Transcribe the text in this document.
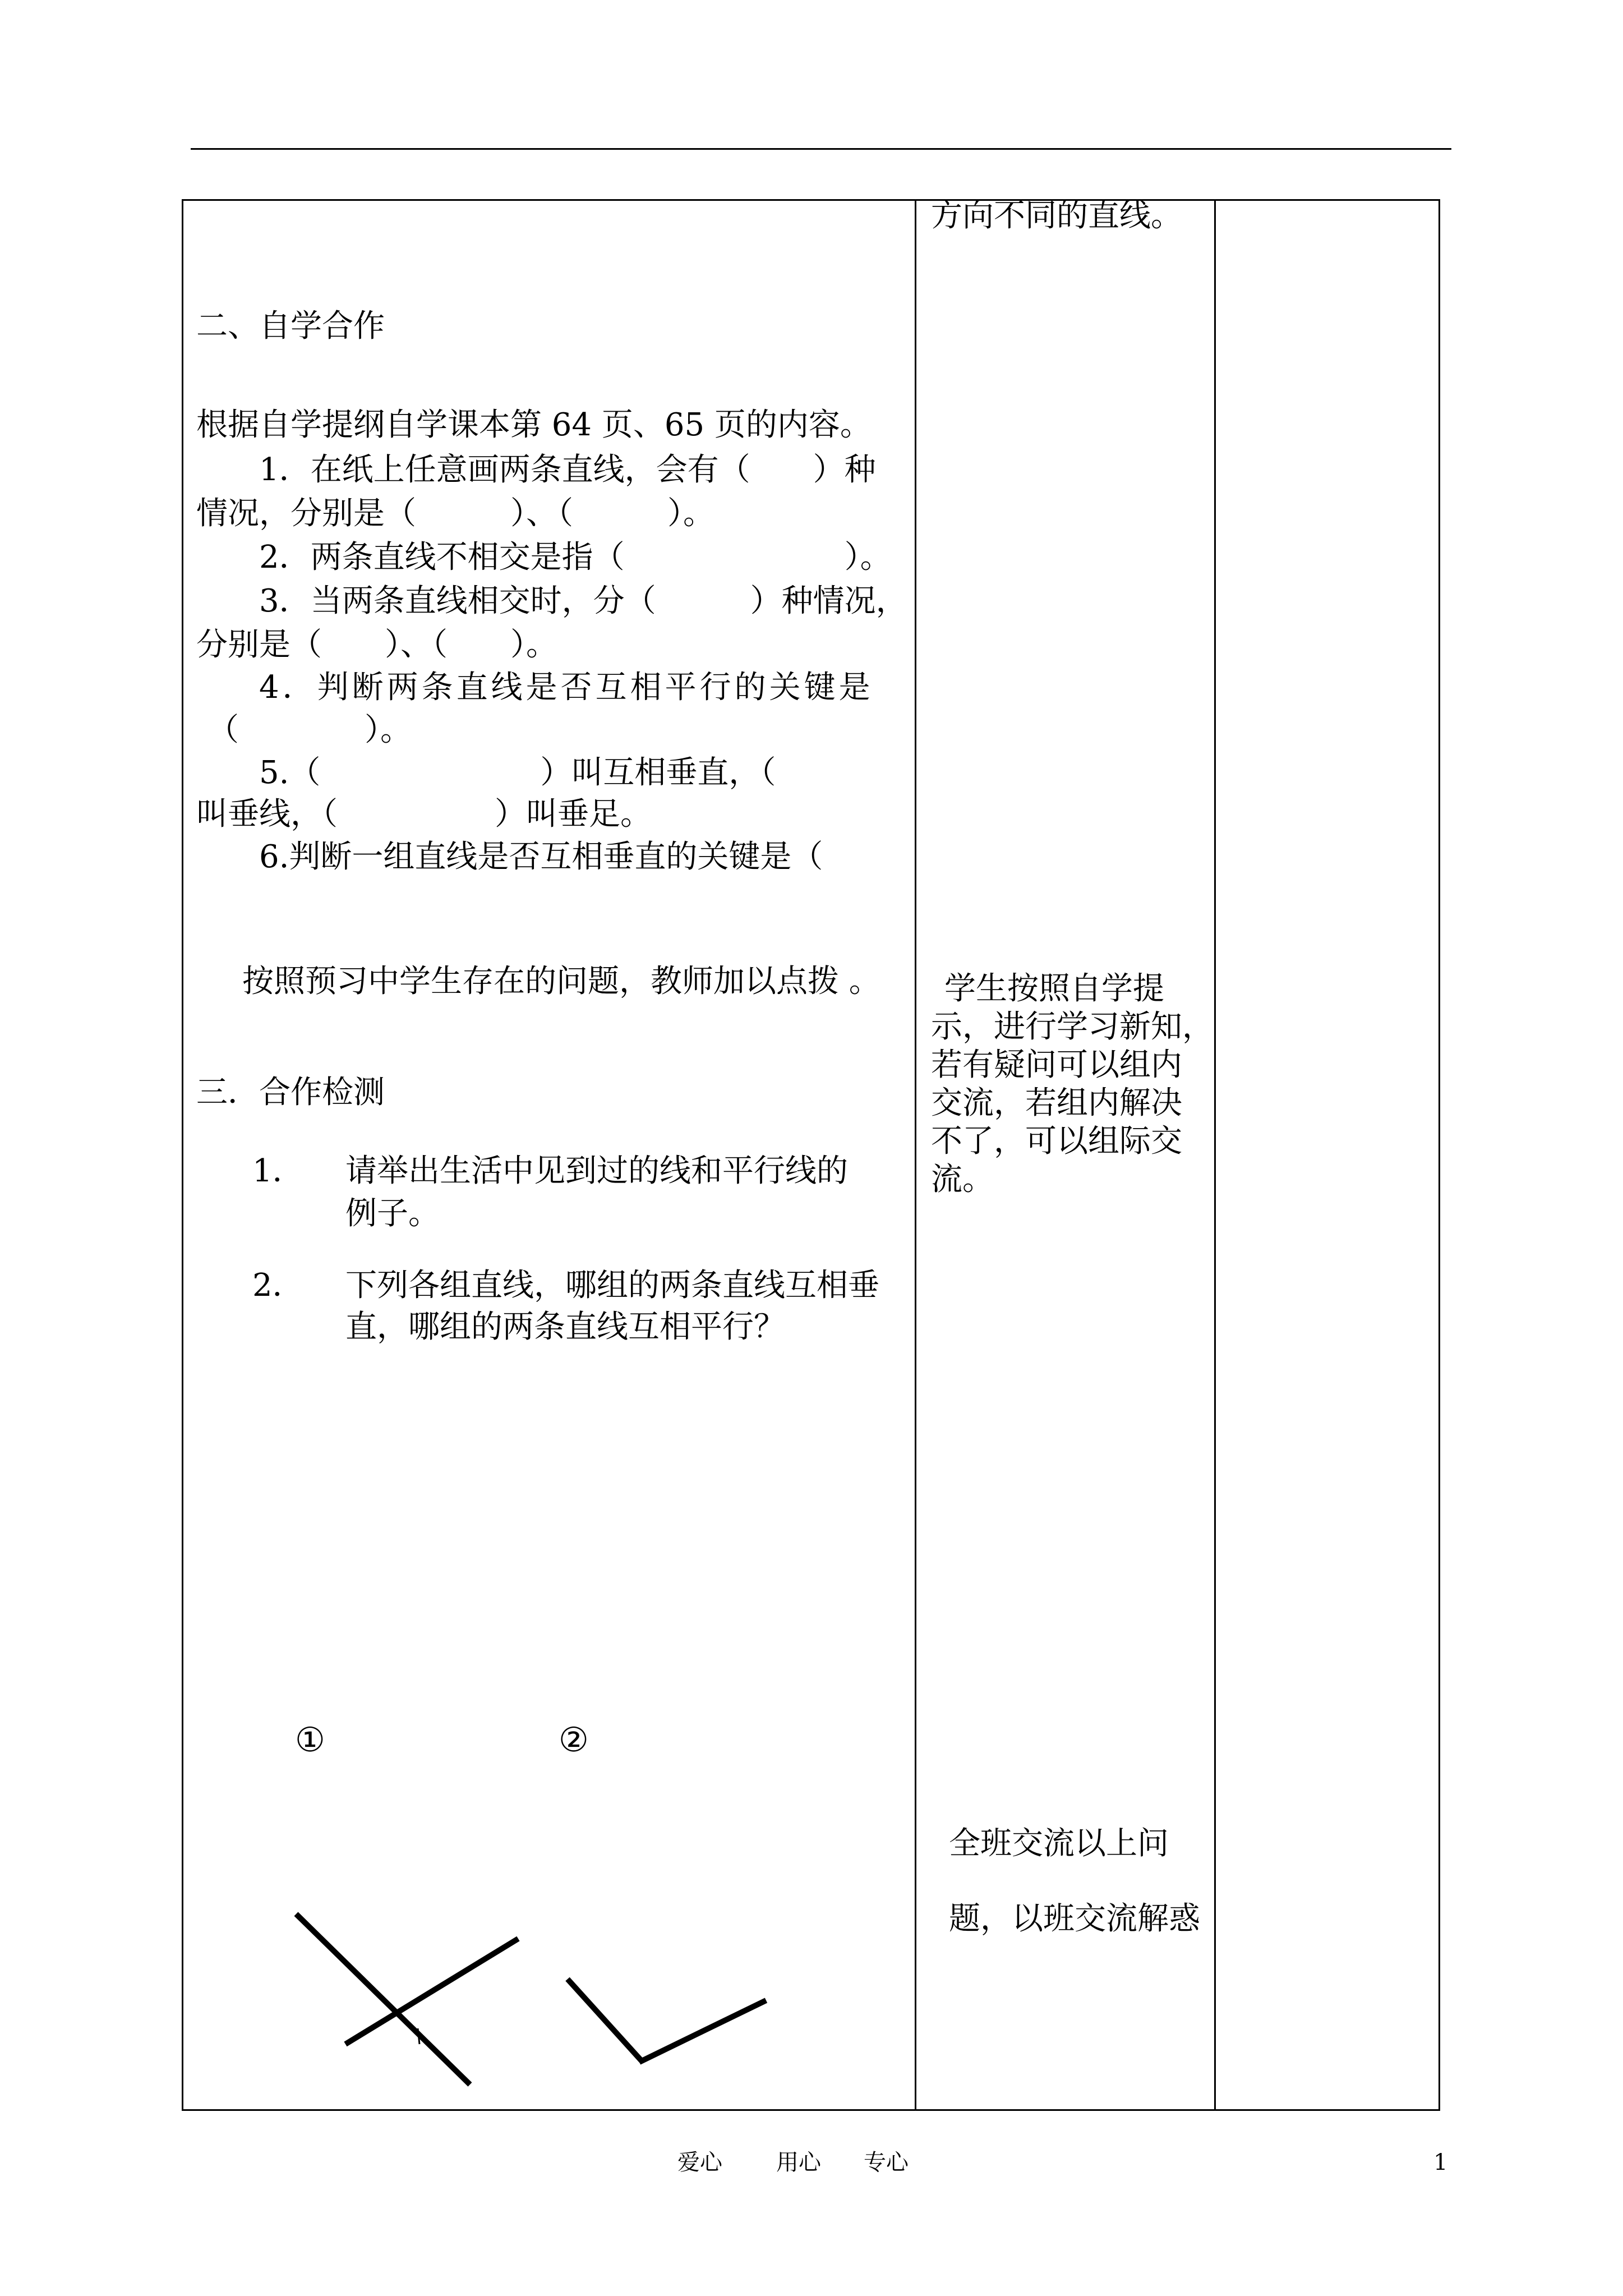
方向不同的直线。
二、自学合作
根据自学提纲自学课本第 64 页、65 页的内容。
1．在纸上任意画两条直线，会有（　　）种
情况，分别是（　　　）、（　　　）。
2．两条直线不相交是指（　　　　　　　）。
3．当两条直线相交时，分（　　　）种情况，
分别是（　　）、（　　）。
4．判断两条直线是否互相平行的关键是
（　　　　）。
5.（　　　　　　　）叫互相垂直，（
叫垂线，（　　　　　）叫垂足。
6.判断一组直线是否互相垂直的关键是（
按照预习中学生存在的问题，教师加以点拨 。
三．合作检测
1． 请举出生活中见到过的线和平行线的
例子。
2． 下列各组直线，哪组的两条直线互相垂
直，哪组的两条直线互相平行？
①	②
学生按照自学提
示，进行学习新知，
若有疑问可以组内
交流，若组内解决
不了，可以组际交
流。
全班交流以上问
题，以班交流解惑
爱心 用心 专心	1
